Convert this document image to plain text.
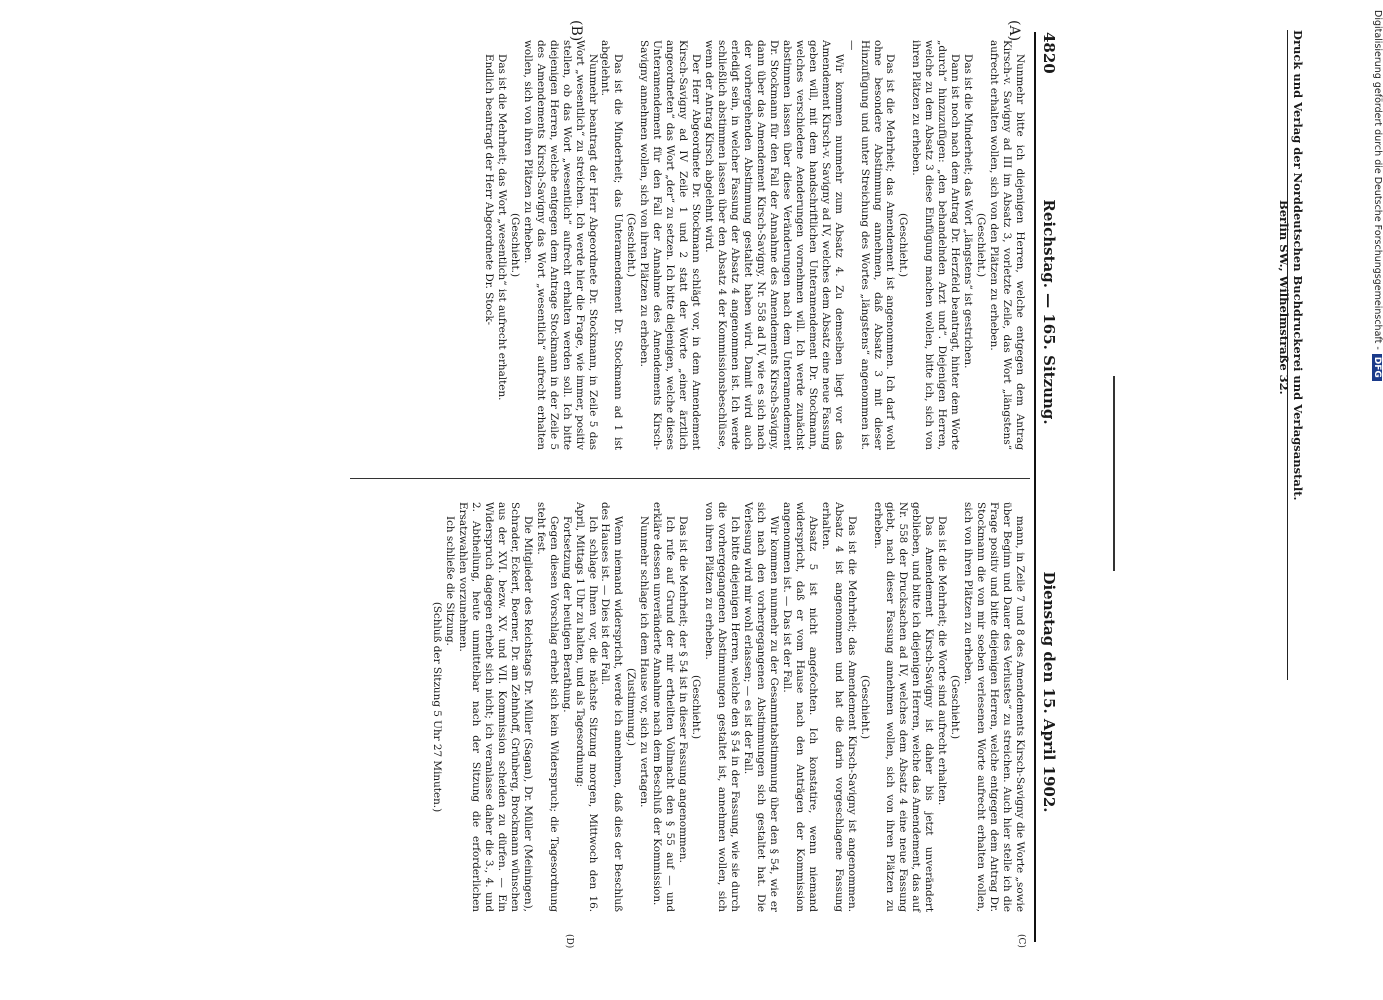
4820
Reichstag. — 165. Sitzung.
Dienstag den 15. April 1902.
(A)
(B)
(C)
(D)

Nunmehr bitte ich diejenigen Herren, welche entgegen dem Antrag Kirsch-v. Savigny ad III im Absatz 3, vorletzte Zeile, das Wort „längstens“ aufrecht erhalten wollen, sich von den Plätzen zu erheben.

(Geschieht.)

Das ist die Minderheit; das Wort „längstens“ ist gestrichen.

Dann ist noch nach dem Antrag Dr. Herzfeld beantragt, hinter dem Worte „durch“ hinzuzufügen: „den behandelnden Arzt und“. Diejenigen Herren, welche zu dem Absatz 3 diese Einfügung machen wollen, bitte ich, sich von ihren Plätzen zu erheben.

(Geschieht.)

Das ist die Mehrheit; das Amendement ist angenommen. Ich darf wohl ohne besondere Abstimmung annehmen, daß Absatz 3 mit dieser Hinzufügung und unter Streichung des Wortes „längstens“ angenommen ist. —

Wir kommen nunmehr zum Absatz 4. Zu demselben liegt vor das Amendement Kirsch-v. Savigny ad IV, welches dem Absatz eine neue Fassung geben will, mit dem handschriftlichen Unteramendement Dr. Stockmann, welches verschiedene Aenderungen vornehmen will. Ich werde zunächst abstimmen lassen über diese Veränderungen nach dem Unteramendement Dr. Stockmann für den Fall der Annahme des Amendements Kirsch-Savigny, dann über das Amendement Kirsch-Savigny, Nr. 558 ad IV, wie es sich nach der vorhergehenden Abstimmung gestaltet haben wird. Damit wird auch erledigt sein, in welcher Fassung der Absatz 4 angenommen ist. Ich werde schließlich abstimmen lassen über den Absatz 4 der Kommissionsbeschlüsse, wenn der Antrag Kirsch abgelehnt wird.

Der Herr Abgeordnete Dr. Stockmann schlägt vor, in dem Amendement Kirsch-Savigny ad IV Zeile 1 und 2 statt der Worte „einer ärztlich angeordneten“ das Wort „der“ zu setzen. Ich bitte diejenigen, welche dieses Unteramendement für den Fall der Annahme des Amendements Kirsch-Savigny annehmen wollen, sich von ihren Plätzen zu erheben.

(Geschieht.)

Das ist die Minderheit; das Unteramendement Dr. Stockmann ad 1 ist abgelehnt.

Nunmehr beantragt der Herr Abgeordnete Dr. Stockmann, in Zeile 5 das Wort „wesentlich“ zu streichen. Ich werde hier die Frage, wie immer, positiv stellen, ob das Wort „wesentlich“ aufrecht erhalten werden soll. Ich bitte diejenigen Herren, welche entgegen dem Antrage Stockmann in der Zeile 5 des Amendements Kirsch-Savigny das Wort „wesentlich“ aufrecht erhalten wollen, sich von ihren Plätzen zu erheben.

(Geschieht.)

Das ist die Mehrheit; das Wort „wesentlich“ ist aufrecht erhalten.

Endlich beantragt der Herr Abgeordnete Dr. Stock-

mann, in Zeile 7 und 8 des Amendements Kirsch-Savigny die Worte „sowie über Beginn und Dauer des Verlustes“ zu streichen. Auch hier stelle ich die Frage positiv und bitte diejenigen Herren, welche entgegen dem Antrag Dr. Stockmann die von mir soeben verlesenen Worte aufrecht erhalten wollen, sich von ihren Plätzen zu erheben.

(Geschieht.)

Das ist die Mehrheit; die Worte sind aufrecht erhalten.

Das Amendement Kirsch-Savigny ist daher bis jetzt unverändert geblieben, und bitte ich diejenigen Herren, welche das Amendement, das auf Nr. 558 der Drucksachen ad IV, welches dem Absatz 4 eine neue Fassung giebt, nach dieser Fassung annehmen wollen, sich von ihren Plätzen zu erheben.

(Geschieht.)

Das ist die Mehrheit; das Amendement Kirsch-Savigny ist angenommen. Absatz 4 ist angenommen und hat die darin vorgeschlagene Fassung erhalten.

Absatz 5 ist nicht angefochten. Ich konstatire, wenn niemand widerspricht, daß er vom Hause nach den Anträgen der Kommission angenommen ist. — Das ist der Fall.

Wir kommen nunmehr zu der Gesammtabstimmung über den § 54, wie er sich nach den vorhergegangenen Abstimmungen sich gestaltet hat. Die Verlesung wird mir wohl erlassen; — es ist der Fall.

Ich bitte diejenigen Herren, welche den § 54 in der Fassung, wie sie durch die vorhergegangenen Abstimmungen gestaltet ist, annehmen wollen, sich von ihren Plätzen zu erheben.

(Geschieht.)

Das ist die Mehrheit; der § 54 ist in dieser Fassung angenommen.

Ich rufe auf Grund der mir ertheilten Vollmacht den § 55 auf — und erkläre dessen unveränderte Annahme nach dem Beschluß der Kommission.

Nunmehr schlage ich dem Hause vor, sich zu vertagen.

(Zustimmung.)

Wenn niemand widerspricht, werde ich annehmen, daß dies der Beschluß des Hauses ist. — Dies ist der Fall.

Ich schlage Ihnen vor, die nächste Sitzung morgen, Mittwoch den 16. April, Mittags 1 Uhr zu halten, und als Tagesordnung:

Fortsetzung der heutigen Berathung.

Gegen diesen Vorschlag erhebt sich kein Widerspruch; die Tagesordnung steht fest.

Die Mitglieder des Reichstags Dr. Müller (Sagan), Dr. Müller (Meiningen), Schrader, Eckert, Boerner, Dr. am Zehnhoff, Grünberg, Brockmann wünschen aus der XVI. bezw. XV. und VII. Kommission scheiden zu dürfen. — Ein Widerspruch dagegen erhebt sich nicht; ich veranlasse daher die 3., 4. und 2. Abtheilung, heute unmittelbar nach der Sitzung die erforderlichen Ersatzwahlen vorzunehmen.

Ich schließe die Sitzung.

(Schluß der Sitzung 5 Uhr 27 Minuten.)

Druck und Verlag der Norddeutschen Buchdruckerei und Verlagsanstalt.
Berlin SW., Wilhelmstraße 32.	Digitalisierung gefördert durch die Deutsche Forschungsgemeinschaft -DFG
